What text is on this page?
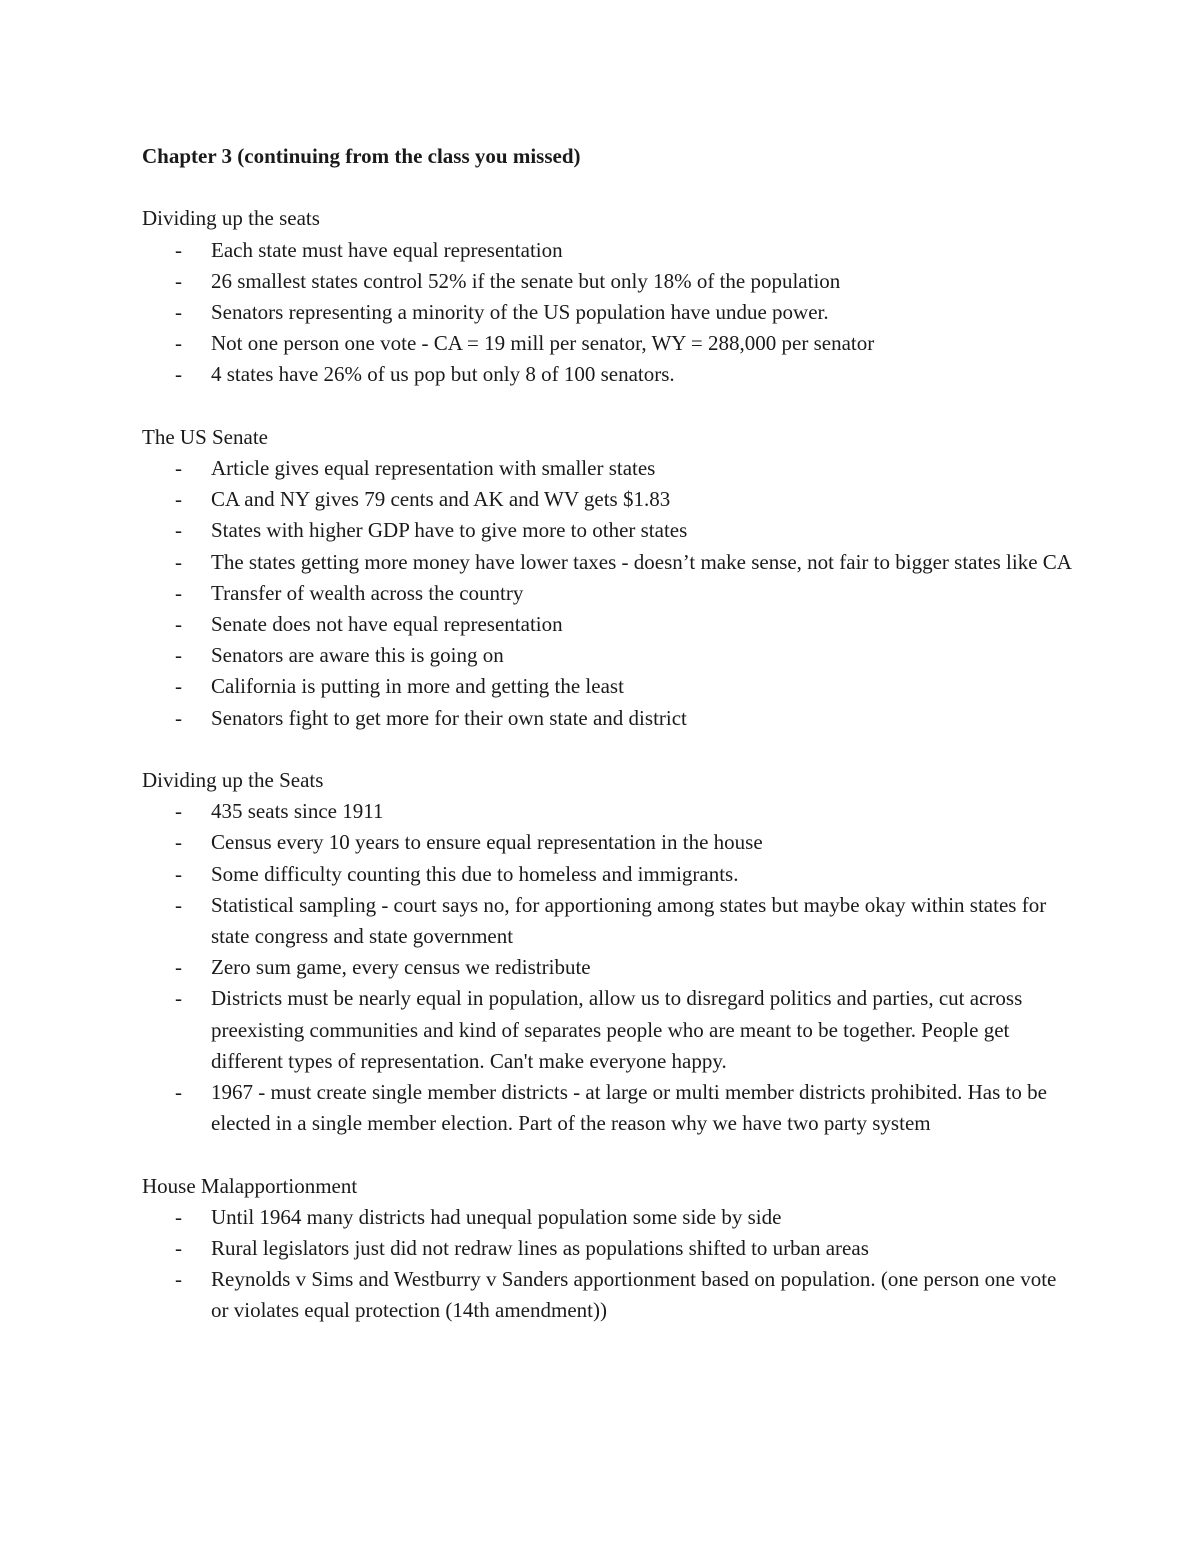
Chapter 3 (continuing from the class you missed)

Dividing up the seats

- Each state must have equal representation
- 26 smallest states control 52% if the senate but only 18% of the population
- Senators representing a minority of the US population have undue power.
- Not one person one vote - CA = 19 mill per senator, WY = 288,000 per senator
- 4 states have 26% of us pop but only 8 of 100 senators.

The US Senate

- Article gives equal representation with smaller states
- CA and NY gives 79 cents and AK and WV gets $1.83
- States with higher GDP have to give more to other states
- The states getting more money have lower taxes - doesn’t make sense, not fair to bigger states like CA
- Transfer of wealth across the country
- Senate does not have equal representation
- Senators are aware this is going on
- California is putting in more and getting the least
- Senators fight to get more for their own state and district

Dividing up the Seats

- 435 seats since 1911
- Census every 10 years to ensure equal representation in the house
- Some difficulty counting this due to homeless and immigrants.
- Statistical sampling - court says no, for apportioning among states but maybe okay within states for state congress and state government
- Zero sum game, every census we redistribute
- Districts must be nearly equal in population, allow us to disregard politics and parties, cut across preexisting communities and kind of separates people who are meant to be together. People get different types of representation. Can't make everyone happy.
- 1967 - must create single member districts - at large or multi member districts prohibited. Has to be elected in a single member election. Part of the reason why we have two party system

House Malapportionment

- Until 1964 many districts had unequal population some side by side
- Rural legislators just did not redraw lines as populations shifted to urban areas
- Reynolds v Sims and Westburry v Sanders apportionment based on population. (one person one vote or violates equal protection (14th amendment))
